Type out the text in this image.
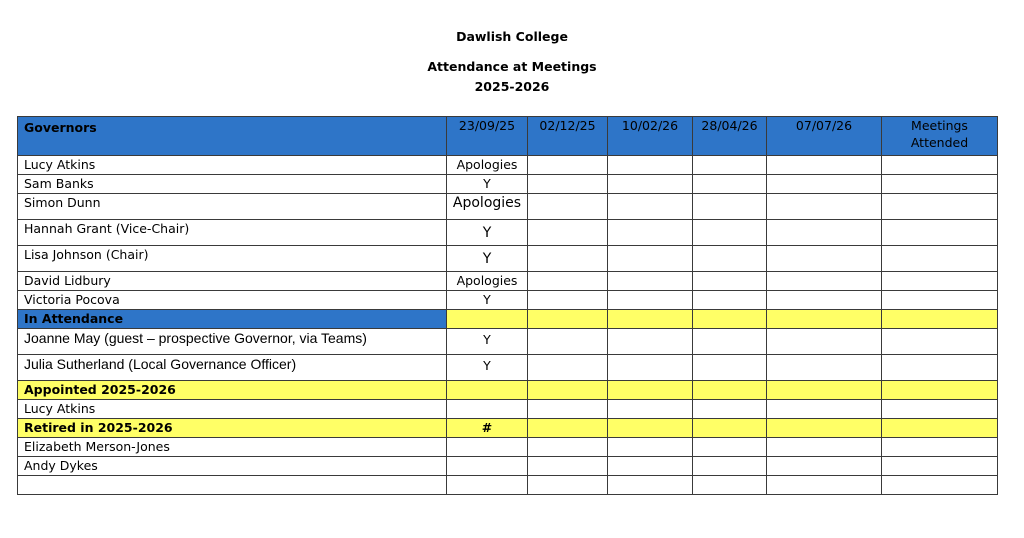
Dawlish College
Attendance at Meetings
2025-2026
Governors	23/09/25	02/12/25	10/02/26	28/04/26	07/07/26	Meetings Attended
Lucy Atkins	Apologies					
Sam Banks	Y					
Simon Dunn	Apologies					
Hannah Grant (Vice-Chair)	Y					
Lisa Johnson (Chair)	Y					
David Lidbury	Apologies					
Victoria Pocova	Y					
In Attendance						
Joanne May (guest – prospective Governor, via Teams)	Y					
Julia Sutherland (Local Governance Officer)	Y					
Appointed 2025-2026						
Lucy Atkins						
Retired in 2025-2026	#					
Elizabeth Merson-Jones						
Andy Dykes						
